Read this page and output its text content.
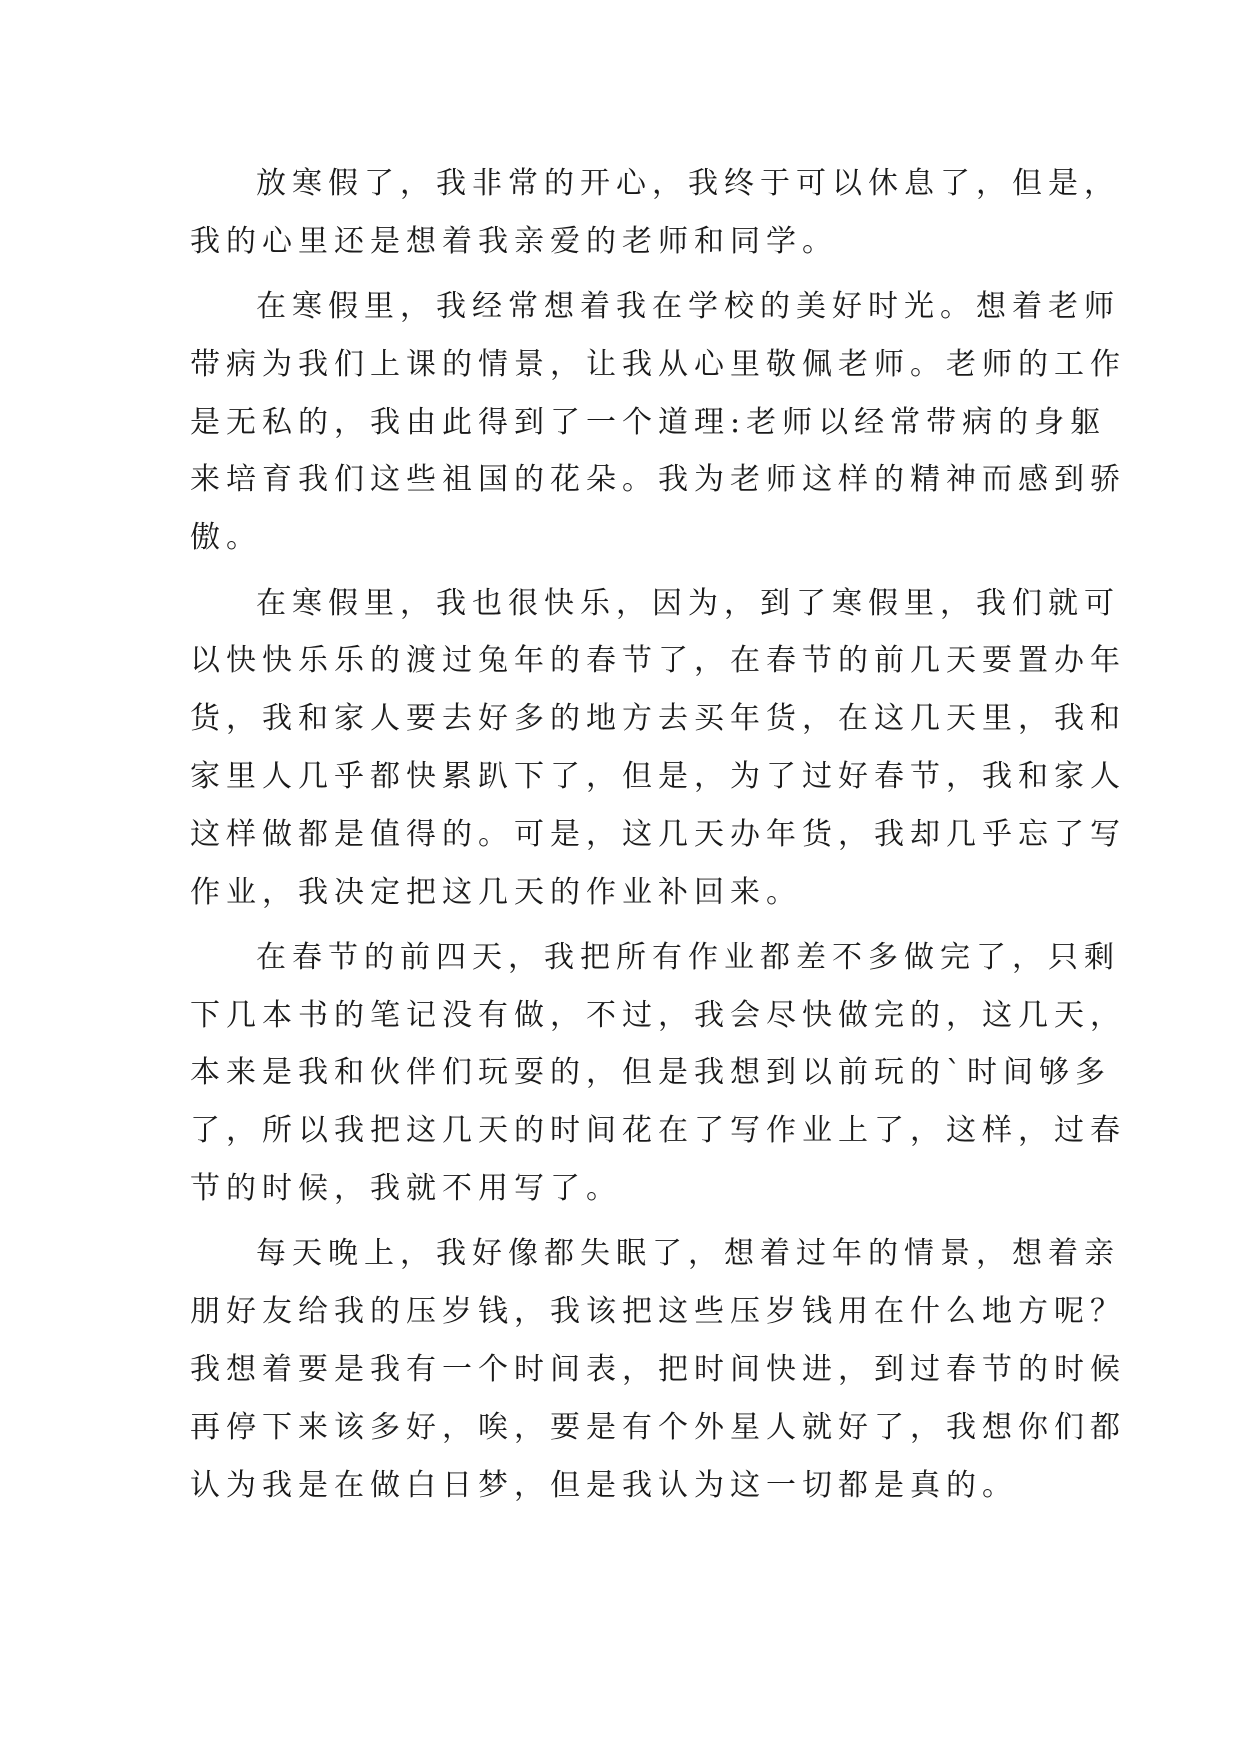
放寒假了，我非常的开心，我终于可以休息了，但是，
我的心里还是想着我亲爱的老师和同学。
在寒假里，我经常想着我在学校的美好时光。想着老师
带病为我们上课的情景，让我从心里敬佩老师。老师的工作
是无私的，我由此得到了一个道理:老师以经常带病的身躯
来培育我们这些祖国的花朵。我为老师这样的精神而感到骄
傲。
在寒假里，我也很快乐，因为，到了寒假里，我们就可
以快快乐乐的渡过兔年的春节了，在春节的前几天要置办年
货，我和家人要去好多的地方去买年货，在这几天里，我和
家里人几乎都快累趴下了，但是，为了过好春节，我和家人
这样做都是值得的。可是，这几天办年货，我却几乎忘了写
作业，我决定把这几天的作业补回来。
在春节的前四天，我把所有作业都差不多做完了，只剩
下几本书的笔记没有做，不过，我会尽快做完的，这几天，
本来是我和伙伴们玩耍的，但是我想到以前玩的`时间够多
了，所以我把这几天的时间花在了写作业上了，这样，过春
节的时候，我就不用写了。
每天晚上，我好像都失眠了，想着过年的情景，想着亲
朋好友给我的压岁钱，我该把这些压岁钱用在什么地方呢？
我想着要是我有一个时间表，把时间快进，到过春节的时候
再停下来该多好，唉，要是有个外星人就好了，我想你们都
认为我是在做白日梦，但是我认为这一切都是真的。
